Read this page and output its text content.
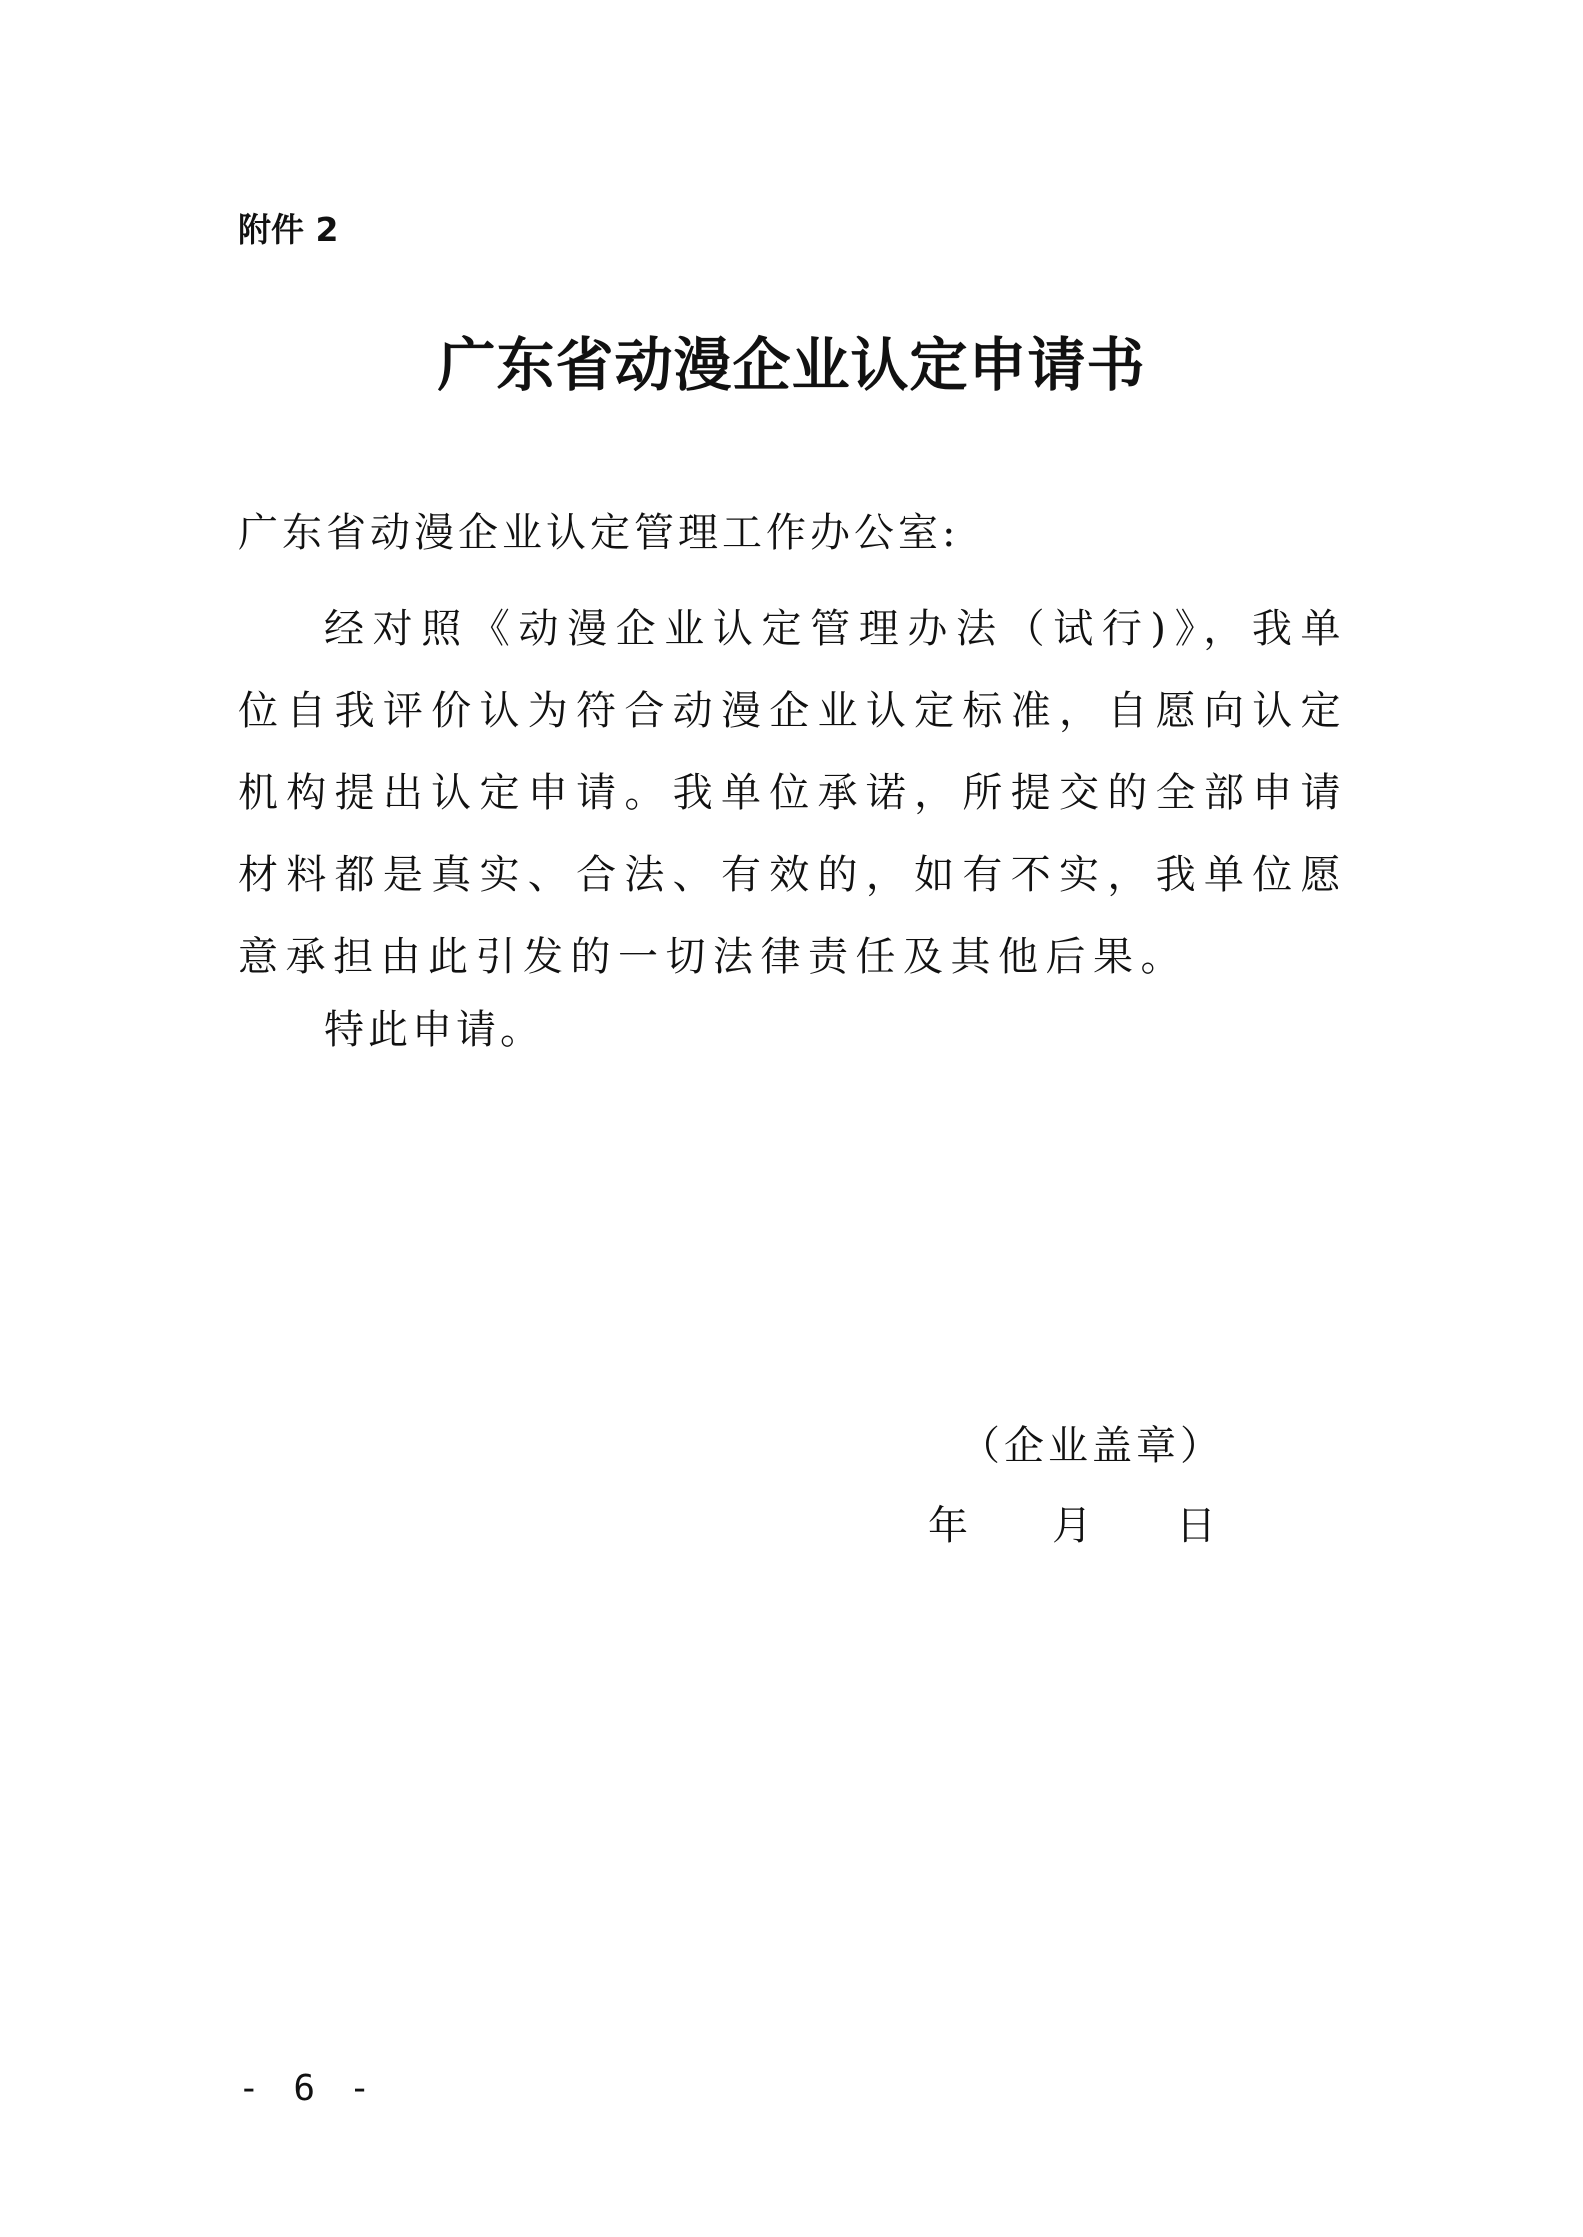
附件 2
广东省动漫企业认定申请书
广东省动漫企业认定管理工作办公室:
经对照《动漫企业认定管理办法（试行)》，我单位自我评价认为符合动漫企业认定标准，自愿向认定机构提出认定申请。我单位承诺，所提交的全部申请材料都是真实、合法、有效的，如有不实，我单位愿意承担由此引发的一切法律责任及其他后果。
特此申请。
（企业盖章）
年 月 日
- 6 -
